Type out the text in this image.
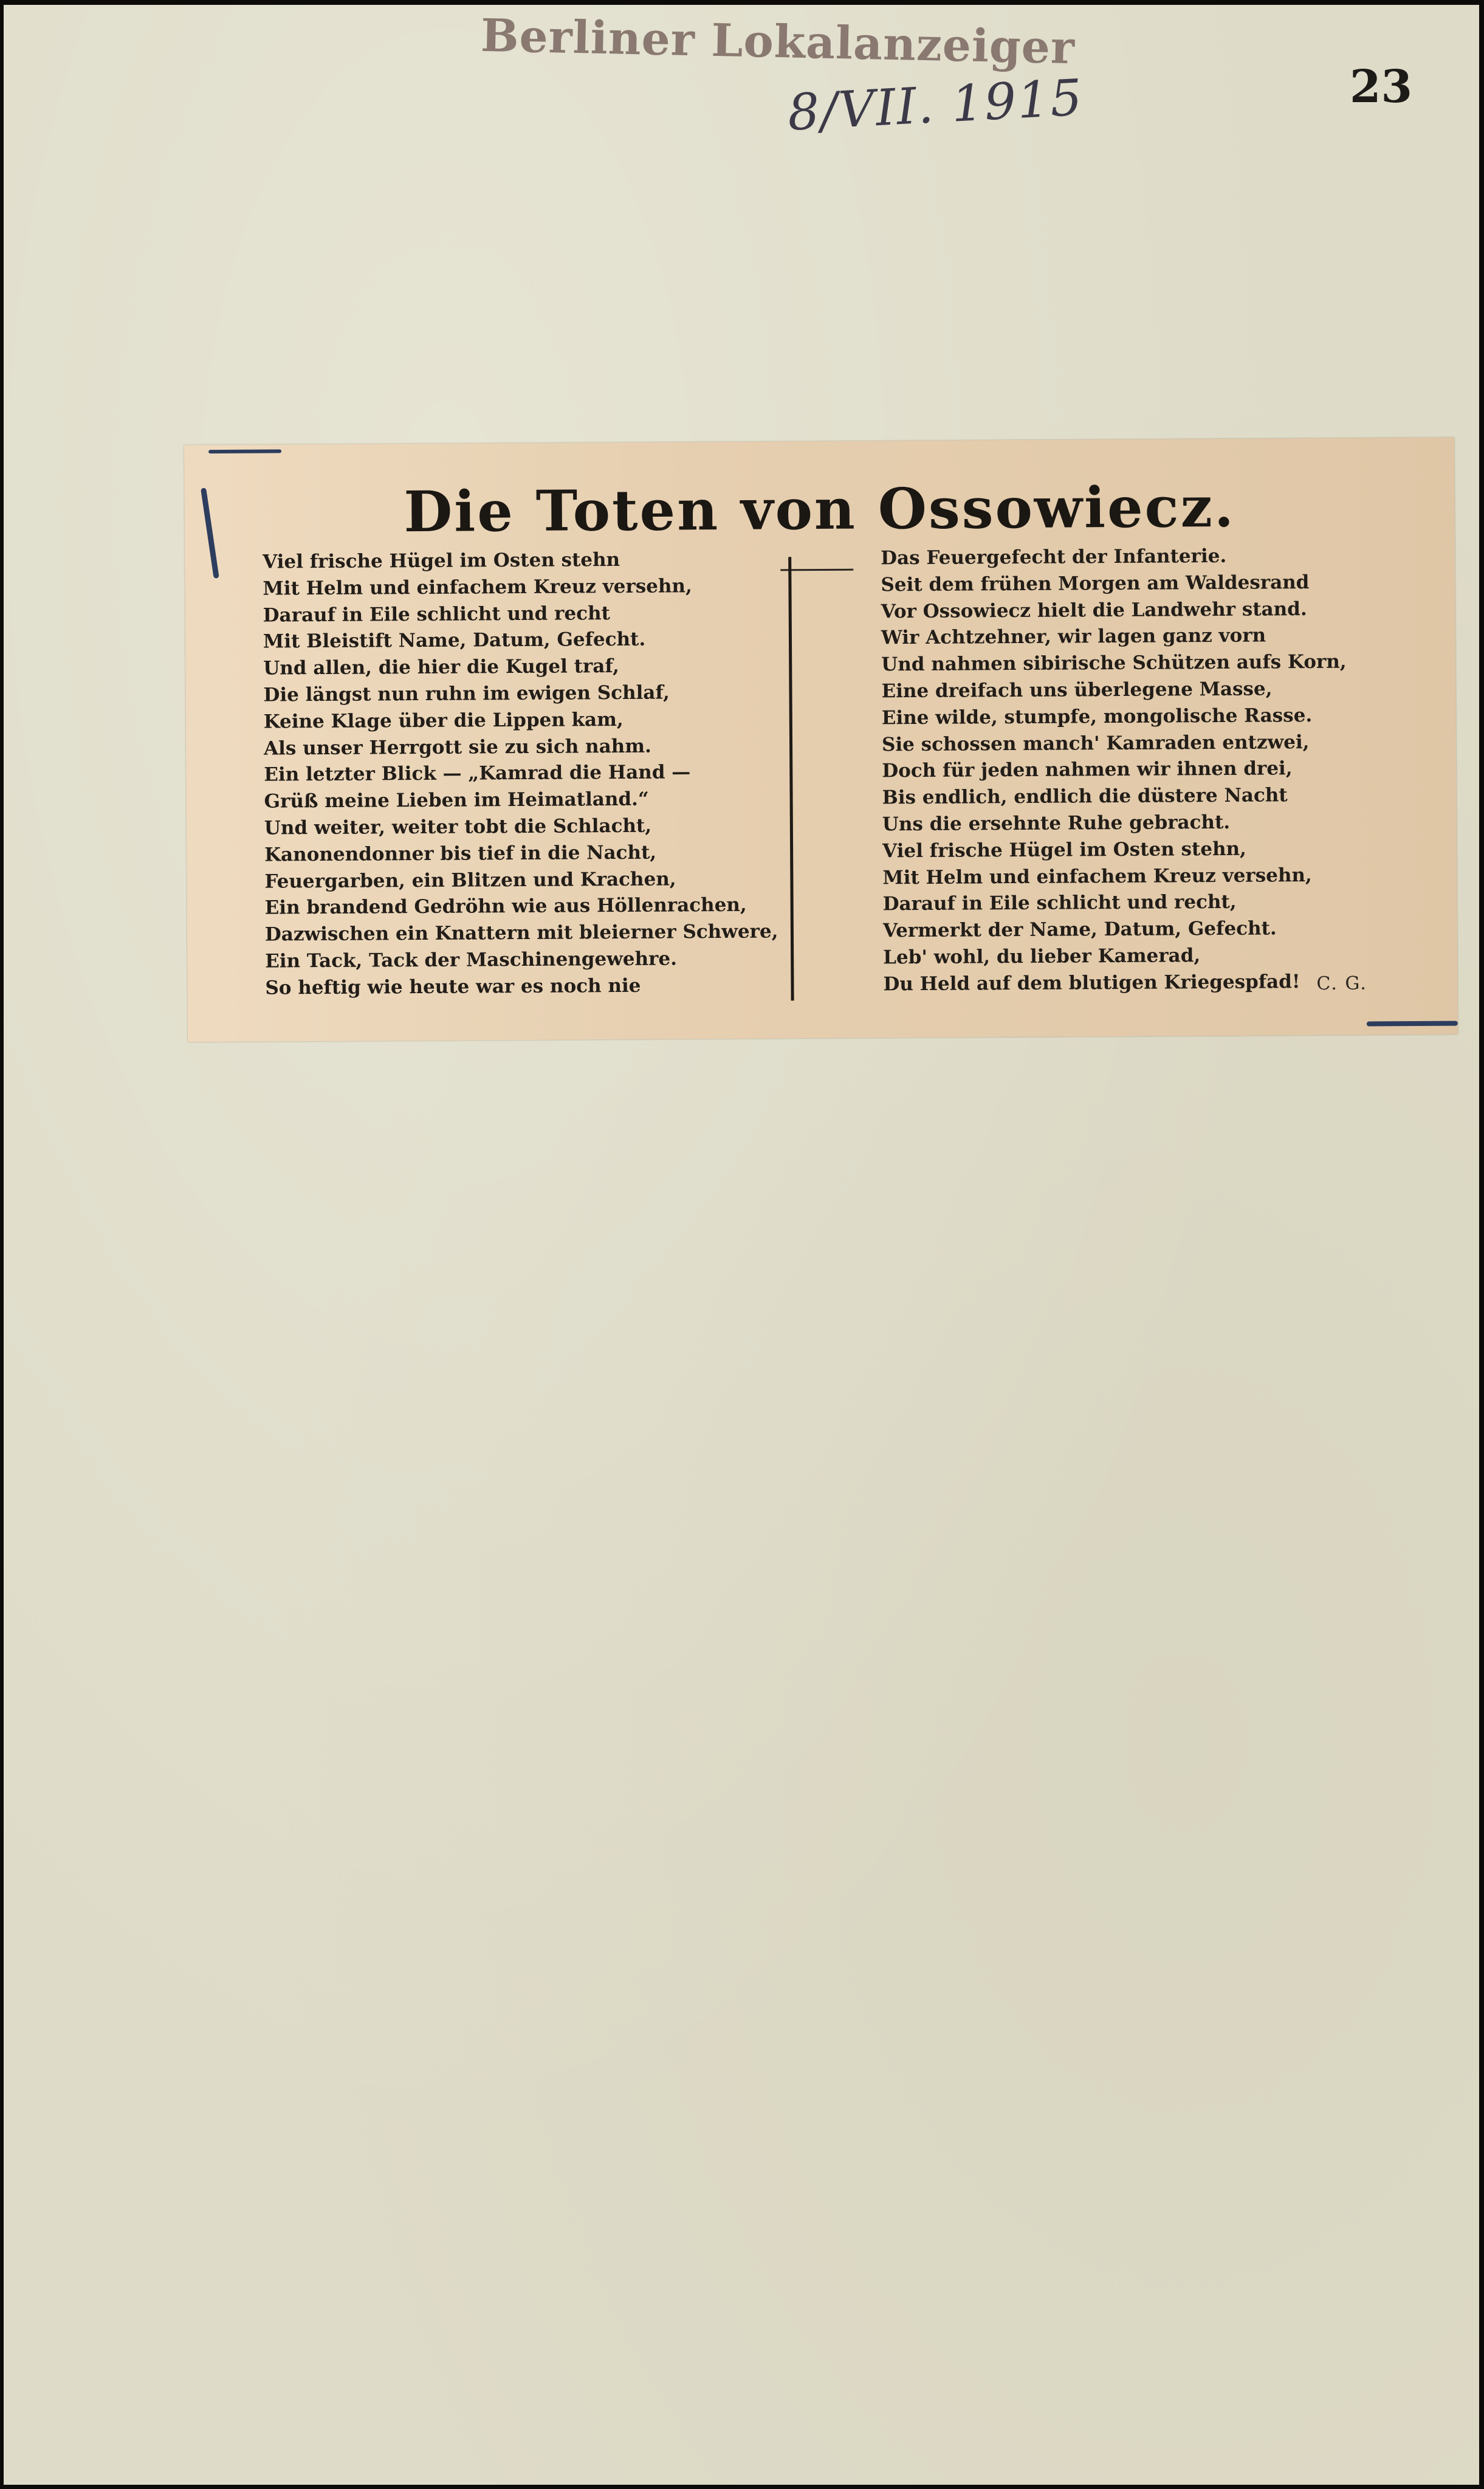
Berliner Lokalanzeiger
8/VII. 1915	23
Die Toten von Ossowiecz.
Viel frische Hügel im Osten stehn
Mit Helm und einfachem Kreuz versehn,
Darauf in Eile schlicht und recht
Mit Bleistift Name, Datum, Gefecht.
Und allen, die hier die Kugel traf,
Die längst nun ruhn im ewigen Schlaf,
Keine Klage über die Lippen kam,
Als unser Herrgott sie zu sich nahm.
Ein letzter Blick — „Kamrad die Hand —
Grüß meine Lieben im Heimatland.“
Und weiter, weiter tobt die Schlacht,
Kanonendonner bis tief in die Nacht,
Feuergarben, ein Blitzen und Krachen,
Ein brandend Gedröhn wie aus Höllenrachen,
Dazwischen ein Knattern mit bleierner Schwere,
Ein Tack, Tack der Maschinengewehre.
So heftig wie heute war es noch nie
Das Feuergefecht der Infanterie.
Seit dem frühen Morgen am Waldesrand
Vor Ossowiecz hielt die Landwehr stand.
Wir Achtzehner, wir lagen ganz vorn
Und nahmen sibirische Schützen aufs Korn,
Eine dreifach uns überlegene Masse,
Eine wilde, stumpfe, mongolische Rasse.
Sie schossen manch' Kamraden entzwei,
Doch für jeden nahmen wir ihnen drei,
Bis endlich, endlich die düstere Nacht
Uns die ersehnte Ruhe gebracht.
Viel frische Hügel im Osten stehn,
Mit Helm und einfachem Kreuz versehn,
Darauf in Eile schlicht und recht,
Vermerkt der Name, Datum, Gefecht.
Leb' wohl, du lieber Kamerad,
Du Held auf dem blutigen Kriegespfad! C. G.
